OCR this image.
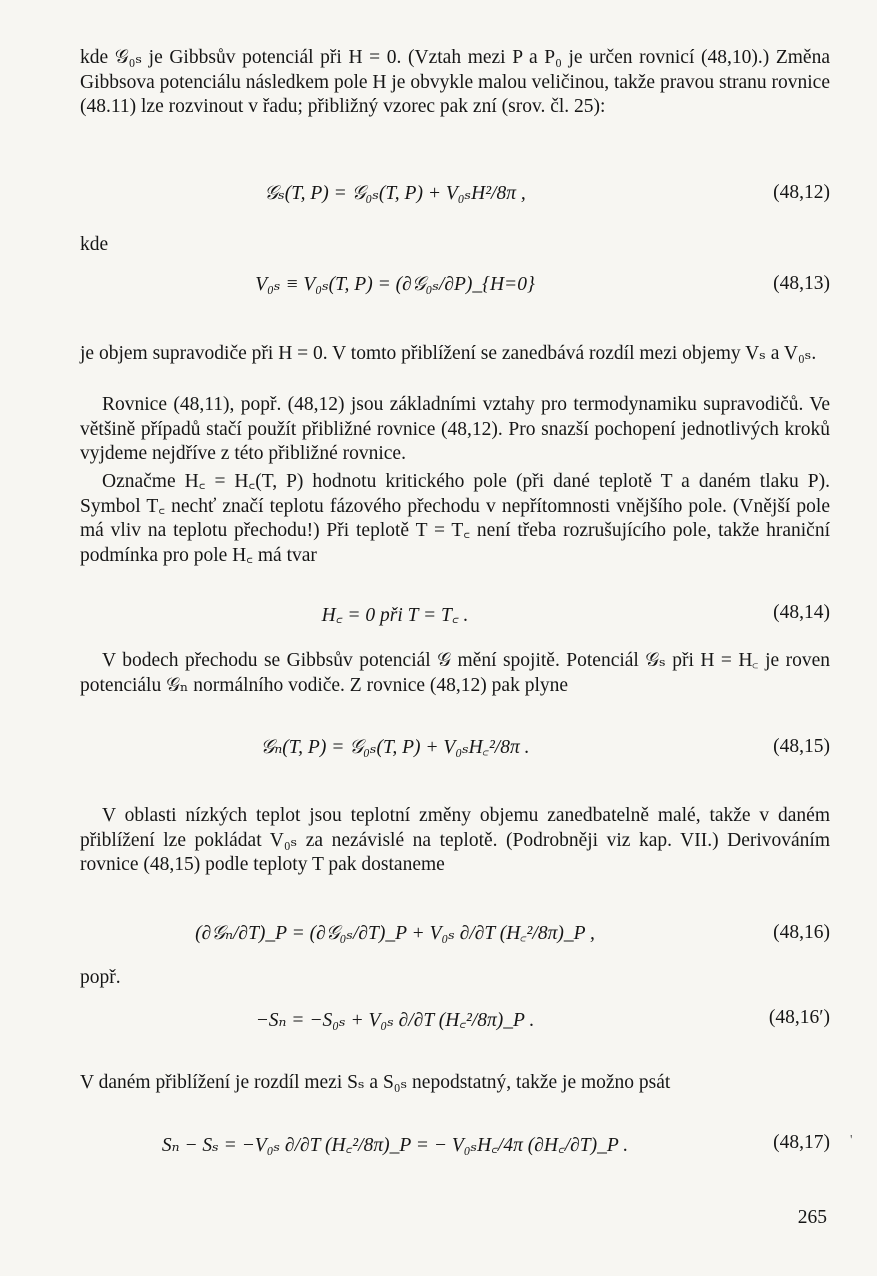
kde 𝒢₀ₛ je Gibbsův potenciál při H = 0. (Vztah mezi P a P₀ je určen rovnicí (48,10).) Změna Gibbsova potenciálu následkem pole H je obvykle malou veličinou, takže pravou stranu rovnice (48.11) lze rozvinout v řadu; přibližný vzorec pak zní (srov. čl. 25):

𝒢ₛ(T, P) = 𝒢₀ₛ(T, P) + V₀ₛH²/8π ,	(48,12)

kde

V₀ₛ ≡ V₀ₛ(T, P) = (∂𝒢₀ₛ/∂P)_{H=0}	(48,13)

je objem supravodiče při H = 0. V tomto přiblížení se zanedbává rozdíl mezi objemy Vₛ a V₀ₛ.

Rovnice (48,11), popř. (48,12) jsou základními vztahy pro termodynamiku supravodičů. Ve většině případů stačí použít přibližné rovnice (48,12). Pro snazší pochopení jednotlivých kroků vyjdeme nejdříve z této přibližné rovnice.

Označme H꜀ = H꜀(T, P) hodnotu kritického pole (při dané teplotě T a daném tlaku P). Symbol T꜀ nechť značí teplotu fázového přechodu v nepřítomnosti vnějšího pole. (Vnější pole má vliv na teplotu přechodu!) Při teplotě T = T꜀ není třeba rozrušujícího pole, takže hraniční podmínka pro pole H꜀ má tvar

H꜀ = 0 při T = T꜀ .	(48,14)

V bodech přechodu se Gibbsův potenciál 𝒢 mění spojitě. Potenciál 𝒢ₛ při H = H꜀ je roven potenciálu 𝒢ₙ normálního vodiče. Z rovnice (48,12) pak plyne

𝒢ₙ(T, P) = 𝒢₀ₛ(T, P) + V₀ₛH꜀²/8π .	(48,15)

V oblasti nízkých teplot jsou teplotní změny objemu zanedbatelně malé, takže v daném přiblížení lze pokládat V₀ₛ za nezávislé na teplotě. (Podrobněji viz kap. VII.) Derivováním rovnice (48,15) podle teploty T pak dostaneme

(∂𝒢ₙ/∂T)_P = (∂𝒢₀ₛ/∂T)_P + V₀ₛ ∂/∂T (H꜀²/8π)_P ,	(48,16)

popř.

−Sₙ = −S₀ₛ + V₀ₛ ∂/∂T (H꜀²/8π)_P .	(48,16′)

V daném přiblížení je rozdíl mezi Sₛ a S₀ₛ nepodstatný, takže je možno psát

Sₙ − Sₛ = −V₀ₛ ∂/∂T (H꜀²/8π)_P = − V₀ₛH꜀/4π (∂H꜀/∂T)_P .	(48,17) '
265
